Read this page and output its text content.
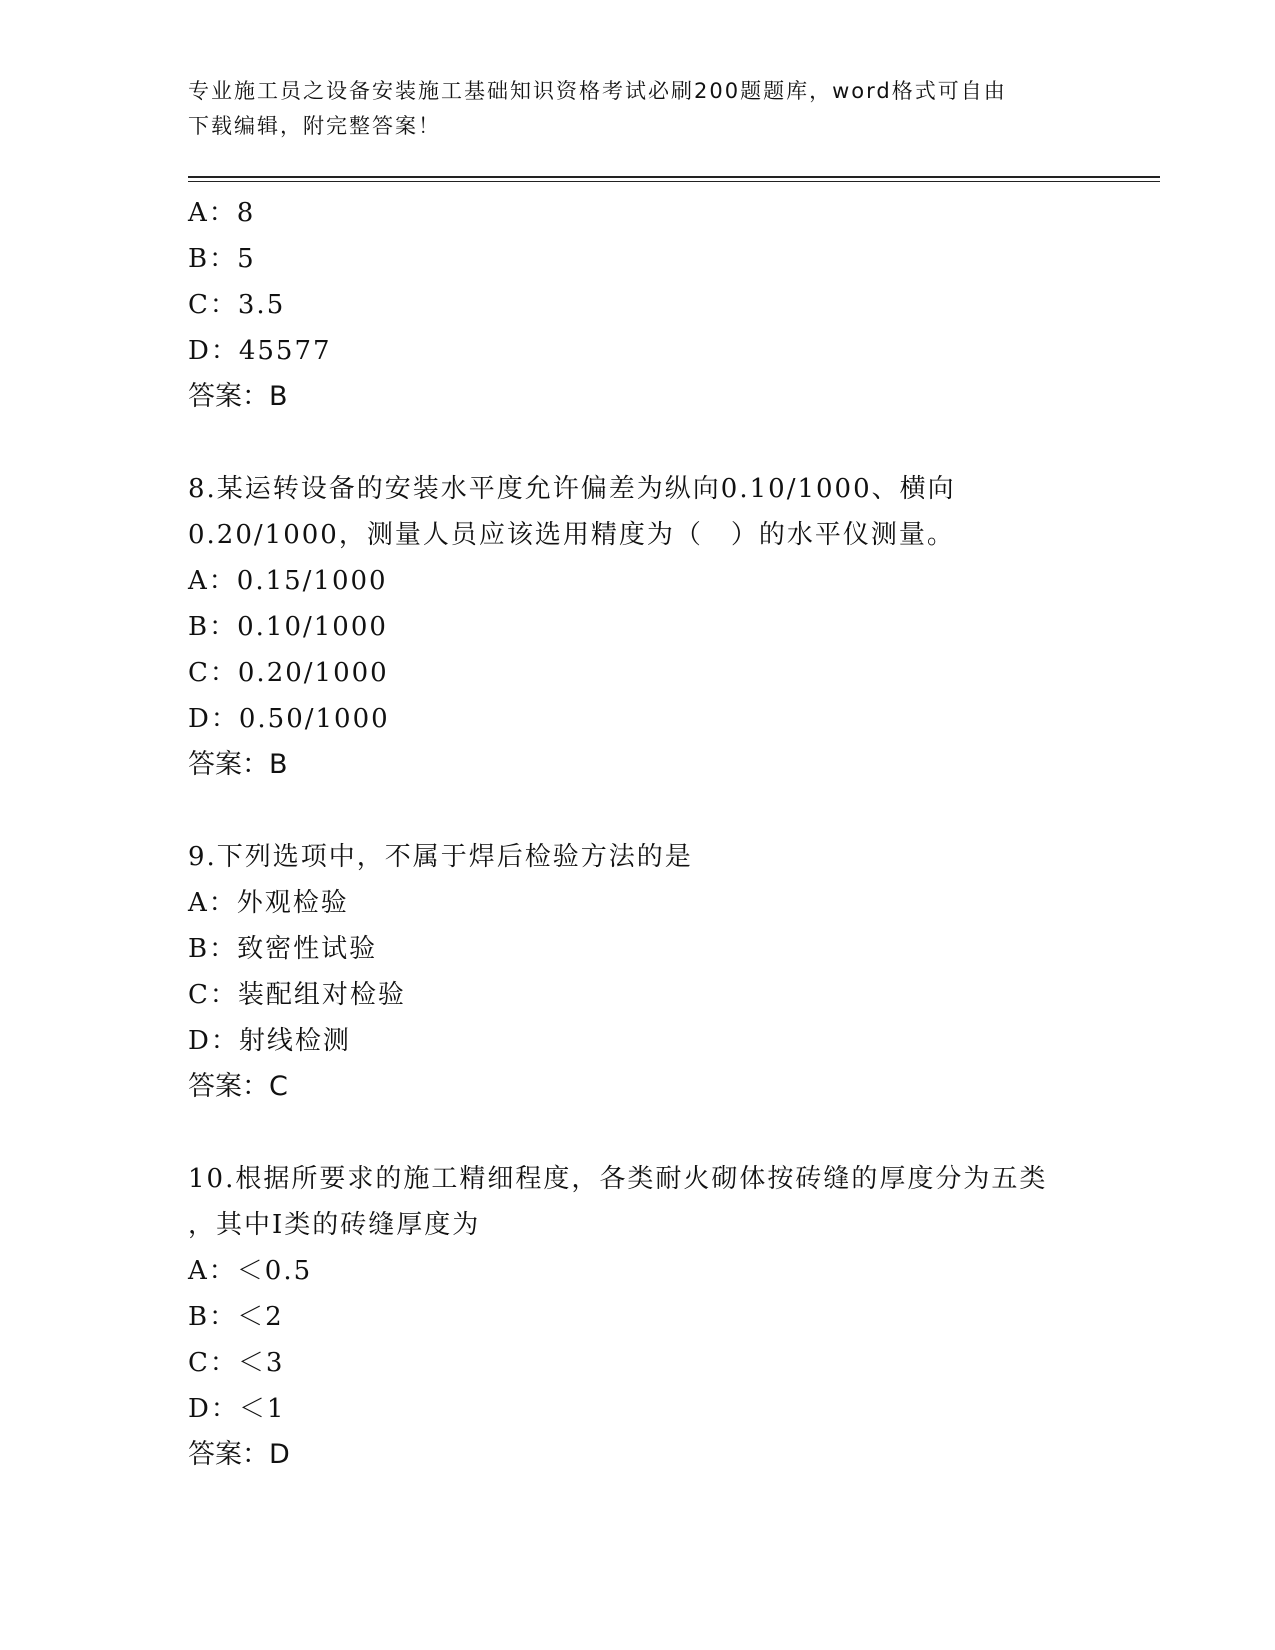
专业施工员之设备安装施工基础知识资格考试必刷200题题库，word格式可自由
下载编辑，附完整答案！
A：8
B：5
C：3.5
D：45577
答案：B
8.某运转设备的安装水平度允许偏差为纵向0.10/1000、横向
0.20/1000，测量人员应该选用精度为（　）的水平仪测量。
A：0.15/1000
B：0.10/1000
C：0.20/1000
D：0.50/1000
答案：B
9.下列选项中，不属于焊后检验方法的是
A：外观检验
B：致密性试验
C：装配组对检验
D：射线检测
答案：C
10.根据所要求的施工精细程度，各类耐火砌体按砖缝的厚度分为五类
，其中Ⅰ类的砖缝厚度为
A：＜0.5
B：＜2
C：＜3
D：＜1
答案：D
